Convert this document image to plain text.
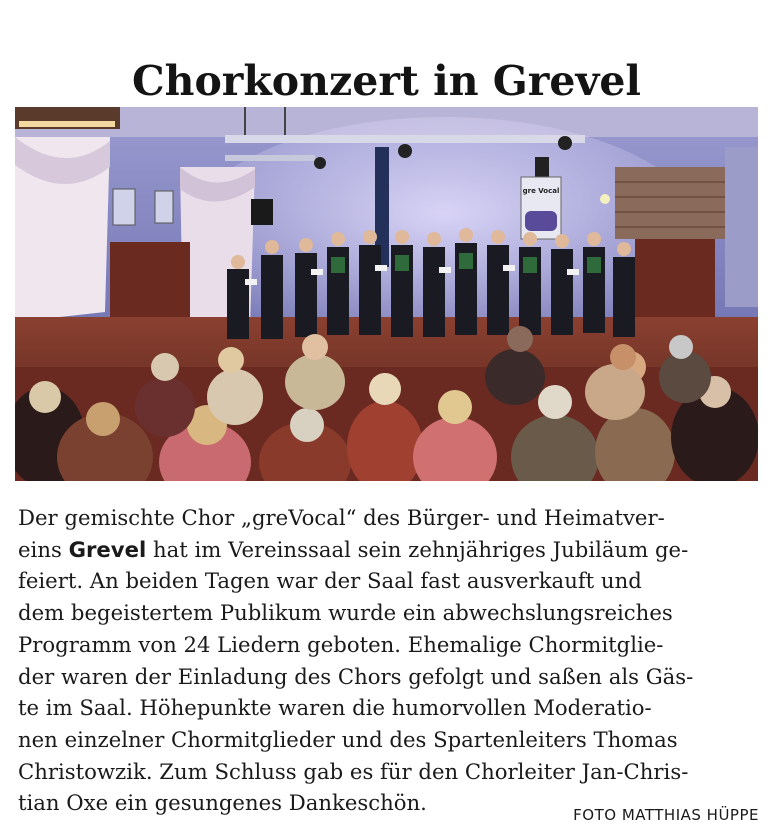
Chorkonzert in Grevel
gre Vocal
Der gemischte Chor „greVocal“ des Bürger- und Heimatver-
eins Grevel hat im Vereinssaal sein zehnjähriges Jubiläum ge-
feiert. An beiden Tagen war der Saal fast ausverkauft und
dem begeistertem Publikum wurde ein abwechslungsreiches
Programm von 24 Liedern geboten. Ehemalige Chormitglie-
der waren der Einladung des Chors gefolgt und saßen als Gäs-
te im Saal. Höhepunkte waren die humorvollen Moderatio-
nen einzelner Chormitglieder und des Spartenleiters Thomas
Christowzik. Zum Schluss gab es für den Chorleiter Jan-Chris-
tian Oxe ein gesungenes Dankeschön.	FOTO MATTHIAS HÜPPE
